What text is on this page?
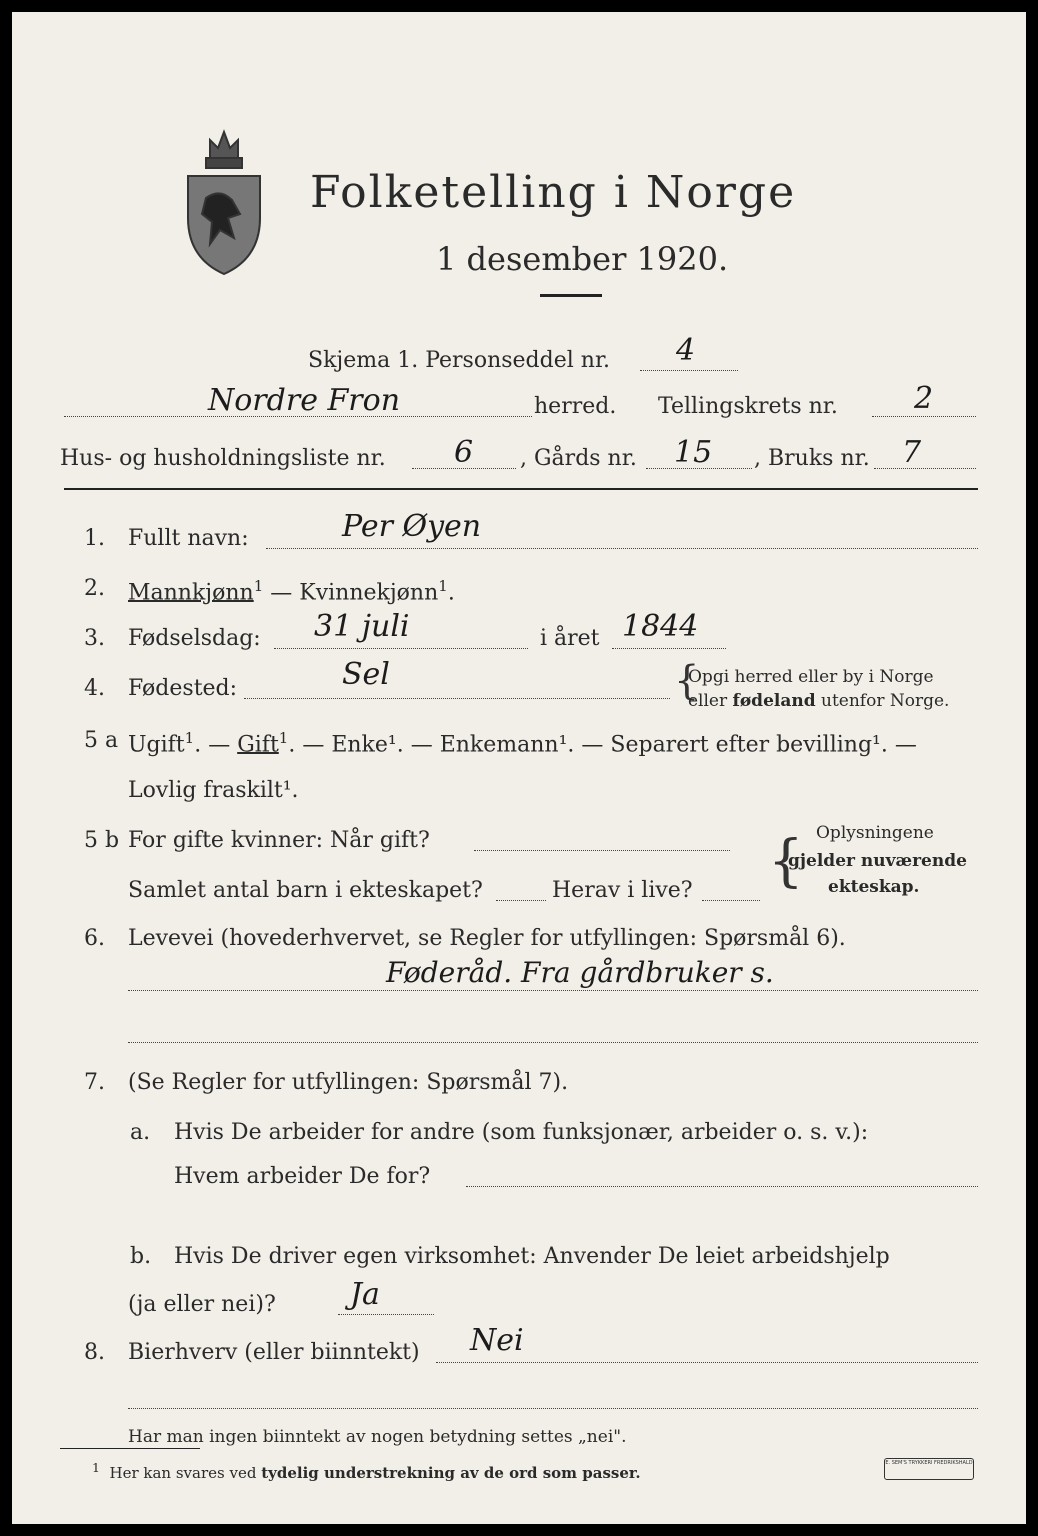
Folketelling i Norge
1 desember 1920.
Skjema 1. Personseddel nr. 4
Nordre Fron	herred. Tellingskrets nr.	2
Hus- og husholdningsliste nr. 6 , Gårds nr. 15 , Bruks nr. 7
1. Fullt navn:	Per Øyen
2. Mannkjønn$^1$ — Kvinnekjønn$^1$.
3. Fødselsdag: 31 juli	i året 1844
4. Fødested:	Sel	{
Opgi herred eller by i Norge
eller fødeland utenfor Norge.
5 a Ugift$^1$. — Gift$^1$. — Enke¹. — Enkemann¹. — Separert efter bevilling¹. —
Lovlig fraskilt¹.
5 b For gifte kvinner: Når gift?
Samlet antal barn i ekteskapet?	Herav i live? { Oplysningene
gjelder nuværende
ekteskap.
6. Levevei (hovederhvervet, se Regler for utfyllingen: Spørsmål 6).
Føderåd. Fra gårdbruker s.
7. (Se Regler for utfyllingen: Spørsmål 7).
a. Hvis De arbeider for andre (som funksjonær, arbeider o. s. v.):
Hvem arbeider De for?
b. Hvis De driver egen virksomhet: Anvender De leiet arbeidshjelp
(ja eller nei)? Ja
8. Bierhverv (eller biinntekt) Nei
Har man ingen biinntekt av nogen betydning settes „nei".
$^1$ Her kan svares ved tydelig understrekning av de ord som passer.
E. SEM'S TRYKKERI FREDRIKSHALD
